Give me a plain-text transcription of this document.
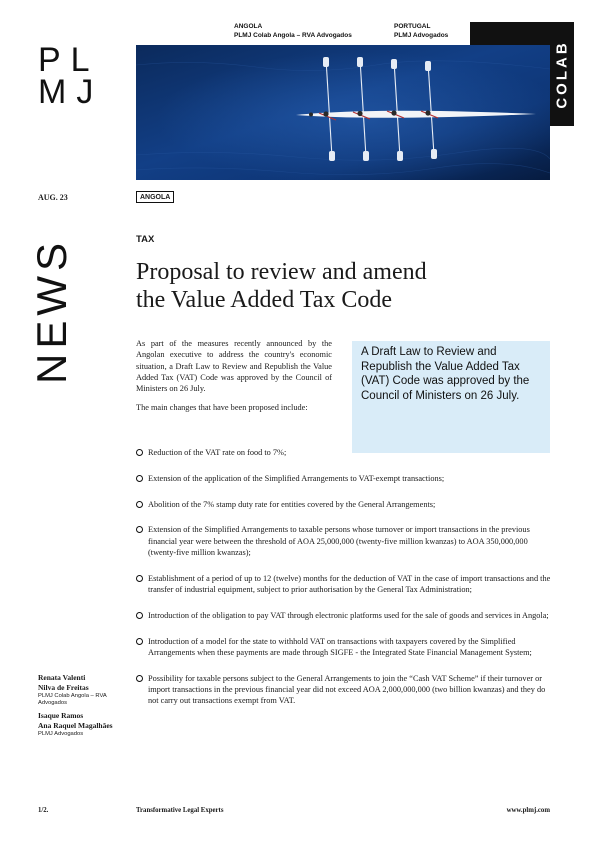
PL
MJ
ANGOLA
PLMJ Colab Angola – RVA Advogados
PORTUGAL
PLMJ Advogados
COLAB
AUG. 23	ANGOLA
NEWS	TAX
Proposal to review and amend
the Value Added Tax Code

As part of the measures recently announced by the Angolan executive to address the country's economic situation, a Draft Law to Review and Republish the Value Added Tax (VAT) Code was approved by the Council of Ministers on 26 July.

The main changes that have been proposed include:

A Draft Law to Review and Republish the Value Added Tax (VAT) Code was approved by the Council of Ministers on 26 July.
Reduction of the VAT rate on food to 7%;
Extension of the application of the Simplified Arrangements to VAT-exempt transactions;
Abolition of the 7% stamp duty rate for entities covered by the General Arrangements;
Extension of the Simplified Arrangements to taxable persons whose turnover or import transactions in the previous financial year were between the threshold of AOA 25,000,000 (twenty-five million kwanzas) to AOA 350,000,000 (twenty-five million kwanzas);
Establishment of a period of up to 12 (twelve) months for the deduction of VAT in the case of import transactions and the transfer of industrial equipment, subject to prior authorisation by the General Tax Administration;
Introduction of the obligation to pay VAT through electronic platforms used for the sale of goods and services in Angola;
Introduction of a model for the state to withhold VAT on transactions with taxpayers covered by the Simplified Arrangements when these payments are made through SIGFE - the Integrated State Financial Management System;
Possibility for taxable persons subject to the General Arrangements to join the “Cash VAT Scheme” if their turnover or import transactions in the previous financial year did not exceed AOA 2,000,000,000 (two billion kwanzas) and they do not carry out transactions exempt from VAT.
Renata Valenti
Nilva de Freitas
PLMJ Colab Angola – RVA Advogados
Isaque Ramos
Ana Raquel Magalhães
PLMJ Advogados
1/2.	Transformative Legal Experts	www.plmj.com
